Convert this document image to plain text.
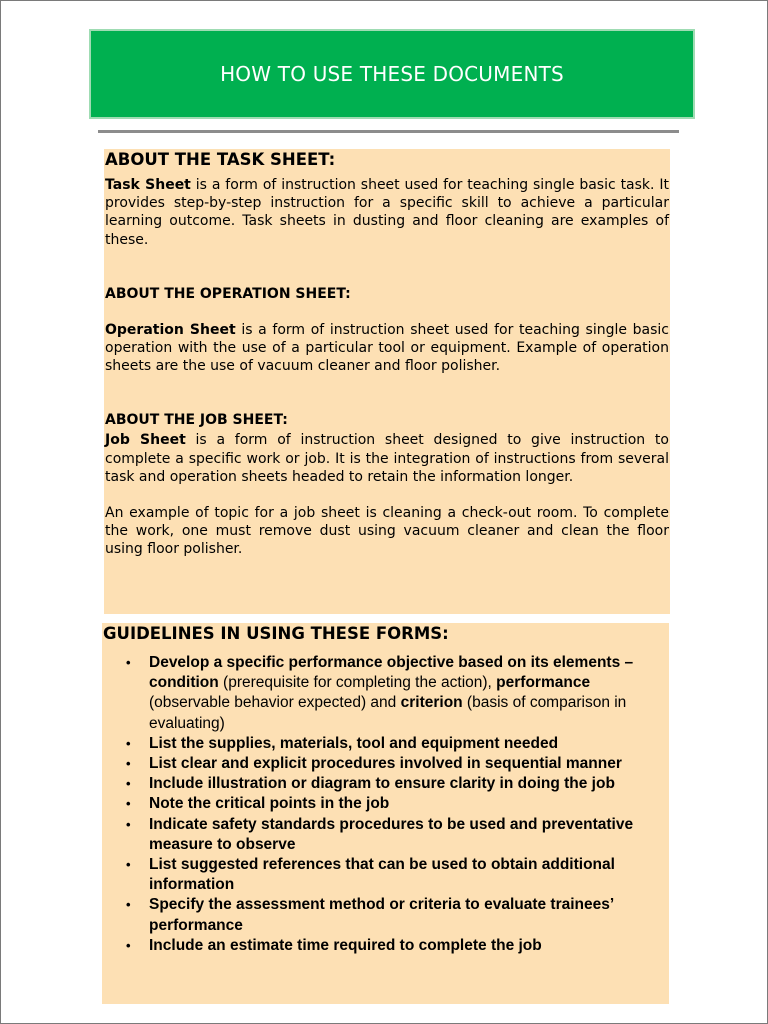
HOW TO USE THESE DOCUMENTS

ABOUT THE TASK SHEET:

Task Sheet is a form of instruction sheet used for teaching single basic task. It provides step-by-step instruction for a specific skill to achieve a particular learning outcome. Task sheets in dusting and floor cleaning are examples of these.

ABOUT THE OPERATION SHEET:

Operation Sheet is a form of instruction sheet used for teaching single basic operation with the use of a particular tool or equipment. Example of operation sheets are the use of vacuum cleaner and floor polisher.

ABOUT THE JOB SHEET:

Job Sheet is a form of instruction sheet designed to give instruction to complete a specific work or job. It is the integration of instructions from several task and operation sheets headed to retain the information longer.

An example of topic for a job sheet is cleaning a check-out room. To complete the work, one must remove dust using vacuum cleaner and clean the floor using floor polisher.

GUIDELINES IN USING THESE FORMS:

• Develop a specific performance objective based on its elements – condition (prerequisite for completing the action), performance (observable behavior expected) and criterion (basis of comparison in evaluating)
• List the supplies, materials, tool and equipment needed
• List clear and explicit procedures involved in sequential manner
• Include illustration or diagram to ensure clarity in doing the job
• Note the critical points in the job
• Indicate safety standards procedures to be used and preventative measure to observe
• List suggested references that can be used to obtain additional information
• Specify the assessment method or criteria to evaluate trainees’ performance
• Include an estimate time required to complete the job
